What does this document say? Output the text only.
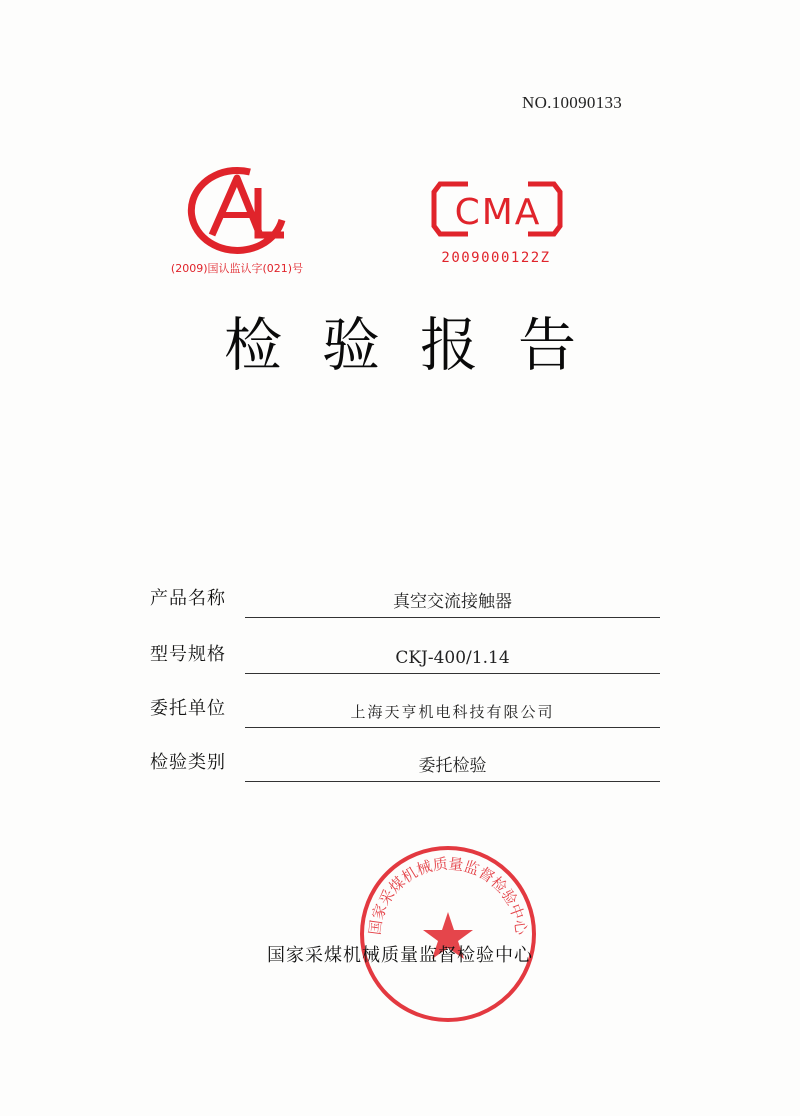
NO.10090133
(2009)国认监认字(021)号
CMA
2009000122Z
检验报告
产品名称	真空交流接触器
型号规格	CKJ-400/1.14
委托单位	上海天亨机电科技有限公司
检验类别	委托检验
国家采煤机械质量监督检验中心
国家采煤机械质量监督检验中心
